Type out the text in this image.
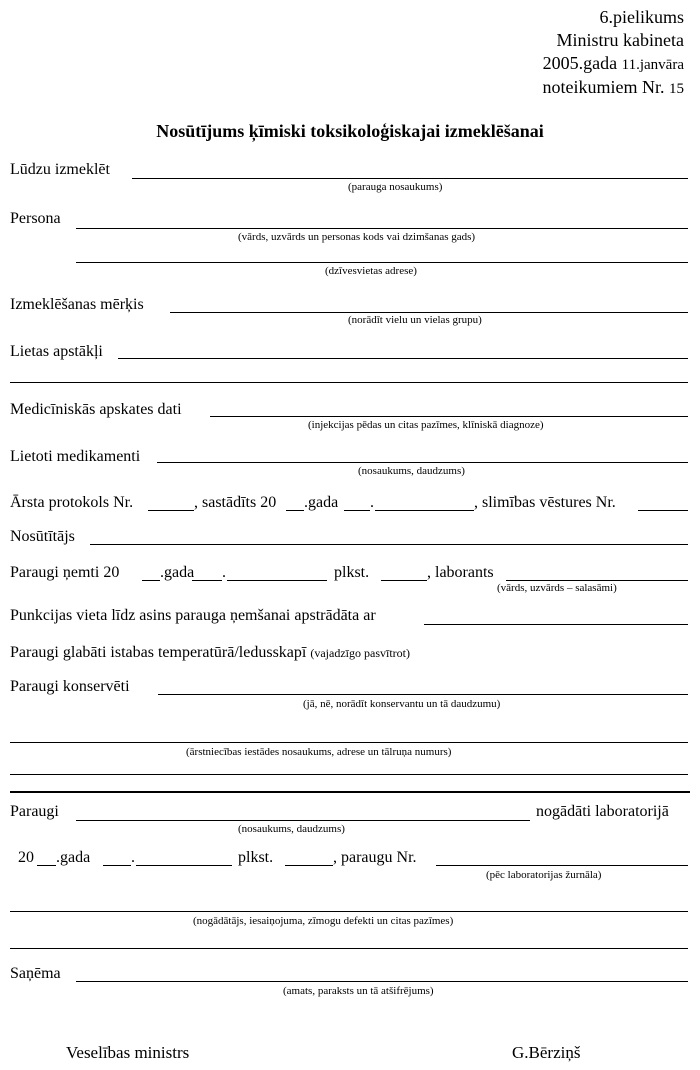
6.pielikums
Ministru kabineta
2005.gada 11.janvāra
noteikumiem Nr. 15
Nosūtījums ķīmiski toksikoloģiskajai izmeklēšanai
Lūdzu izmeklēt
(parauga nosaukums)
Persona
(vārds, uzvārds un personas kods vai dzimšanas gads)
(dzīvesvietas adrese)
Izmeklēšanas mērķis
(norādīt vielu un vielas grupu)
Lietas apstākļi
Medicīniskās apskates dati
(injekcijas pēdas un citas pazīmes, klīniskā diagnoze)
Lietoti medikamenti
(nosaukums, daudzums)
Ārsta protokols Nr.	, sastādīts 20 .gada .	, slimības vēstures Nr.
Nosūtītājs
Paraugi ņemti 20	.gada .	plkst.	, laborants
(vārds, uzvārds – salasāmi)
Punkcijas vieta līdz asins parauga ņemšanai apstrādāta ar
Paraugi glabāti istabas temperatūrā/ledusskapī (vajadzīgo pasvītrot)
Paraugi konservēti
(jā, nē, norādīt konservantu un tā daudzumu)
(ārstniecības iestādes nosaukums, adrese un tālruņa numurs)
Paraugi	nogādāti laboratorijā
(nosaukums, daudzums)
20 .gada	.	plkst.	, paraugu Nr.
(pēc laboratorijas žurnāla)
(nogādātājs, iesaiņojuma, zīmogu defekti un citas pazīmes)
Saņēma
(amats, paraksts un tā atšifrējums)
Veselības ministrs	G.Bērziņš
